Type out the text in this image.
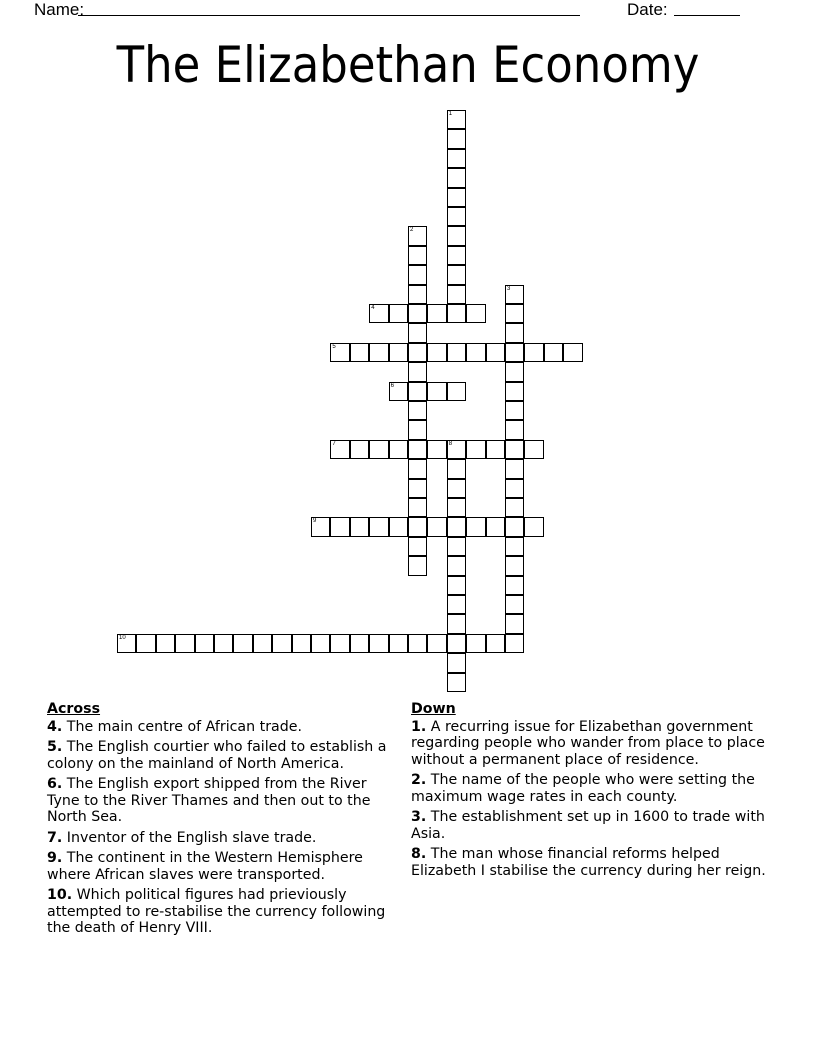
Name:	Date:
The Elizabethan Economy
1
2
3
4
5
6
7	8
9
10
Across
4. The main centre of African trade.
5. The English courtier who failed to establish a colony on the mainland of North America.
6. The English export shipped from the River Tyne to the River Thames and then out to the North Sea.
7. Inventor of the English slave trade.
9. The continent in the Western Hemisphere where African slaves were transported.
10. Which political figures had prieviously attempted to re-stabilise the currency following the death of Henry VIII.
Down
1. A recurring issue for Elizabethan government regarding people who wander from place to place without a permanent place of residence.
2. The name of the people who were setting the maximum wage rates in each county.
3. The establishment set up in 1600 to trade with Asia.
8. The man whose financial reforms helped Elizabeth I stabilise the currency during her reign.
